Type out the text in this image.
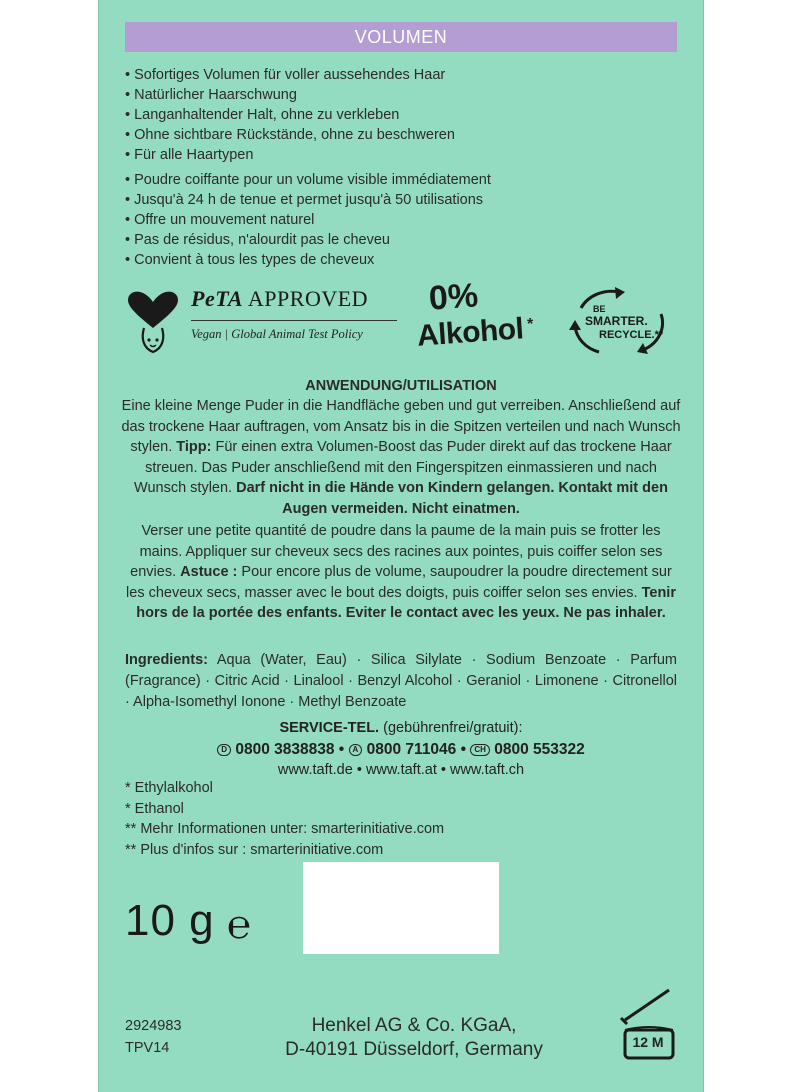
VOLUMEN
• Sofortiges Volumen für voller aussehendes Haar
• Natürlicher Haarschwung
• Langanhaltender Halt, ohne zu verkleben
• Ohne sichtbare Rückstände, ohne zu beschweren
• Für alle Haartypen
• Poudre coiffante pour un volume visible immédiatement
• Jusqu'à 24 h de tenue et permet jusqu'à 50 utilisations
• Offre un mouvement naturel
• Pas de résidus, n'alourdit pas le cheveu
• Convient à tous les types de cheveux
PeTA APPROVED
Vegan | Global Animal Test Policy
0%
Alkohol *
BE
SMARTER.
RECYCLE.**
ANWENDUNG/UTILISATION
Eine kleine Menge Puder in die Handfläche geben und gut verreiben. Anschließend auf das trockene Haar auftragen, vom Ansatz bis in die Spitzen verteilen und nach Wunsch stylen. Tipp: Für einen extra Volumen-Boost das Puder direkt auf das trockene Haar streuen. Das Puder anschließend mit den Fingerspitzen einmassieren und nach Wunsch stylen. Darf nicht in die Hände von Kindern gelangen. Kontakt mit den Augen vermeiden. Nicht einatmen.
Verser une petite quantité de poudre dans la paume de la main puis se frotter les mains. Appliquer sur cheveux secs des racines aux pointes, puis coiffer selon ses envies. Astuce : Pour encore plus de volume, saupoudrer la poudre directement sur les cheveux secs, masser avec le bout des doigts, puis coiffer selon ses envies. Tenir hors de la portée des enfants. Eviter le contact avec les yeux. Ne pas inhaler.
Ingredients: Aqua (Water, Eau) · Silica Silylate · Sodium Benzoate · Parfum (Fragrance) · Citric Acid · Linalool · Benzyl Alcohol · Geraniol · Limonene · Citronellol · Alpha-Isomethyl Ionone · Methyl Benzoate
SERVICE-TEL. (gebührenfrei/gratuit):
D 0800 3838838 • A 0800 711046 • CH 0800 553322
www.taft.de • www.taft.at • www.taft.ch
* Ethylalkohol
* Ethanol
** Mehr Informationen unter: smarterinitiative.com
** Plus d'infos sur : smarterinitiative.com
10 g ℮
2924983
TPV14
Henkel AG & Co. KGaA,
D-40191 Düsseldorf, Germany	12 M
